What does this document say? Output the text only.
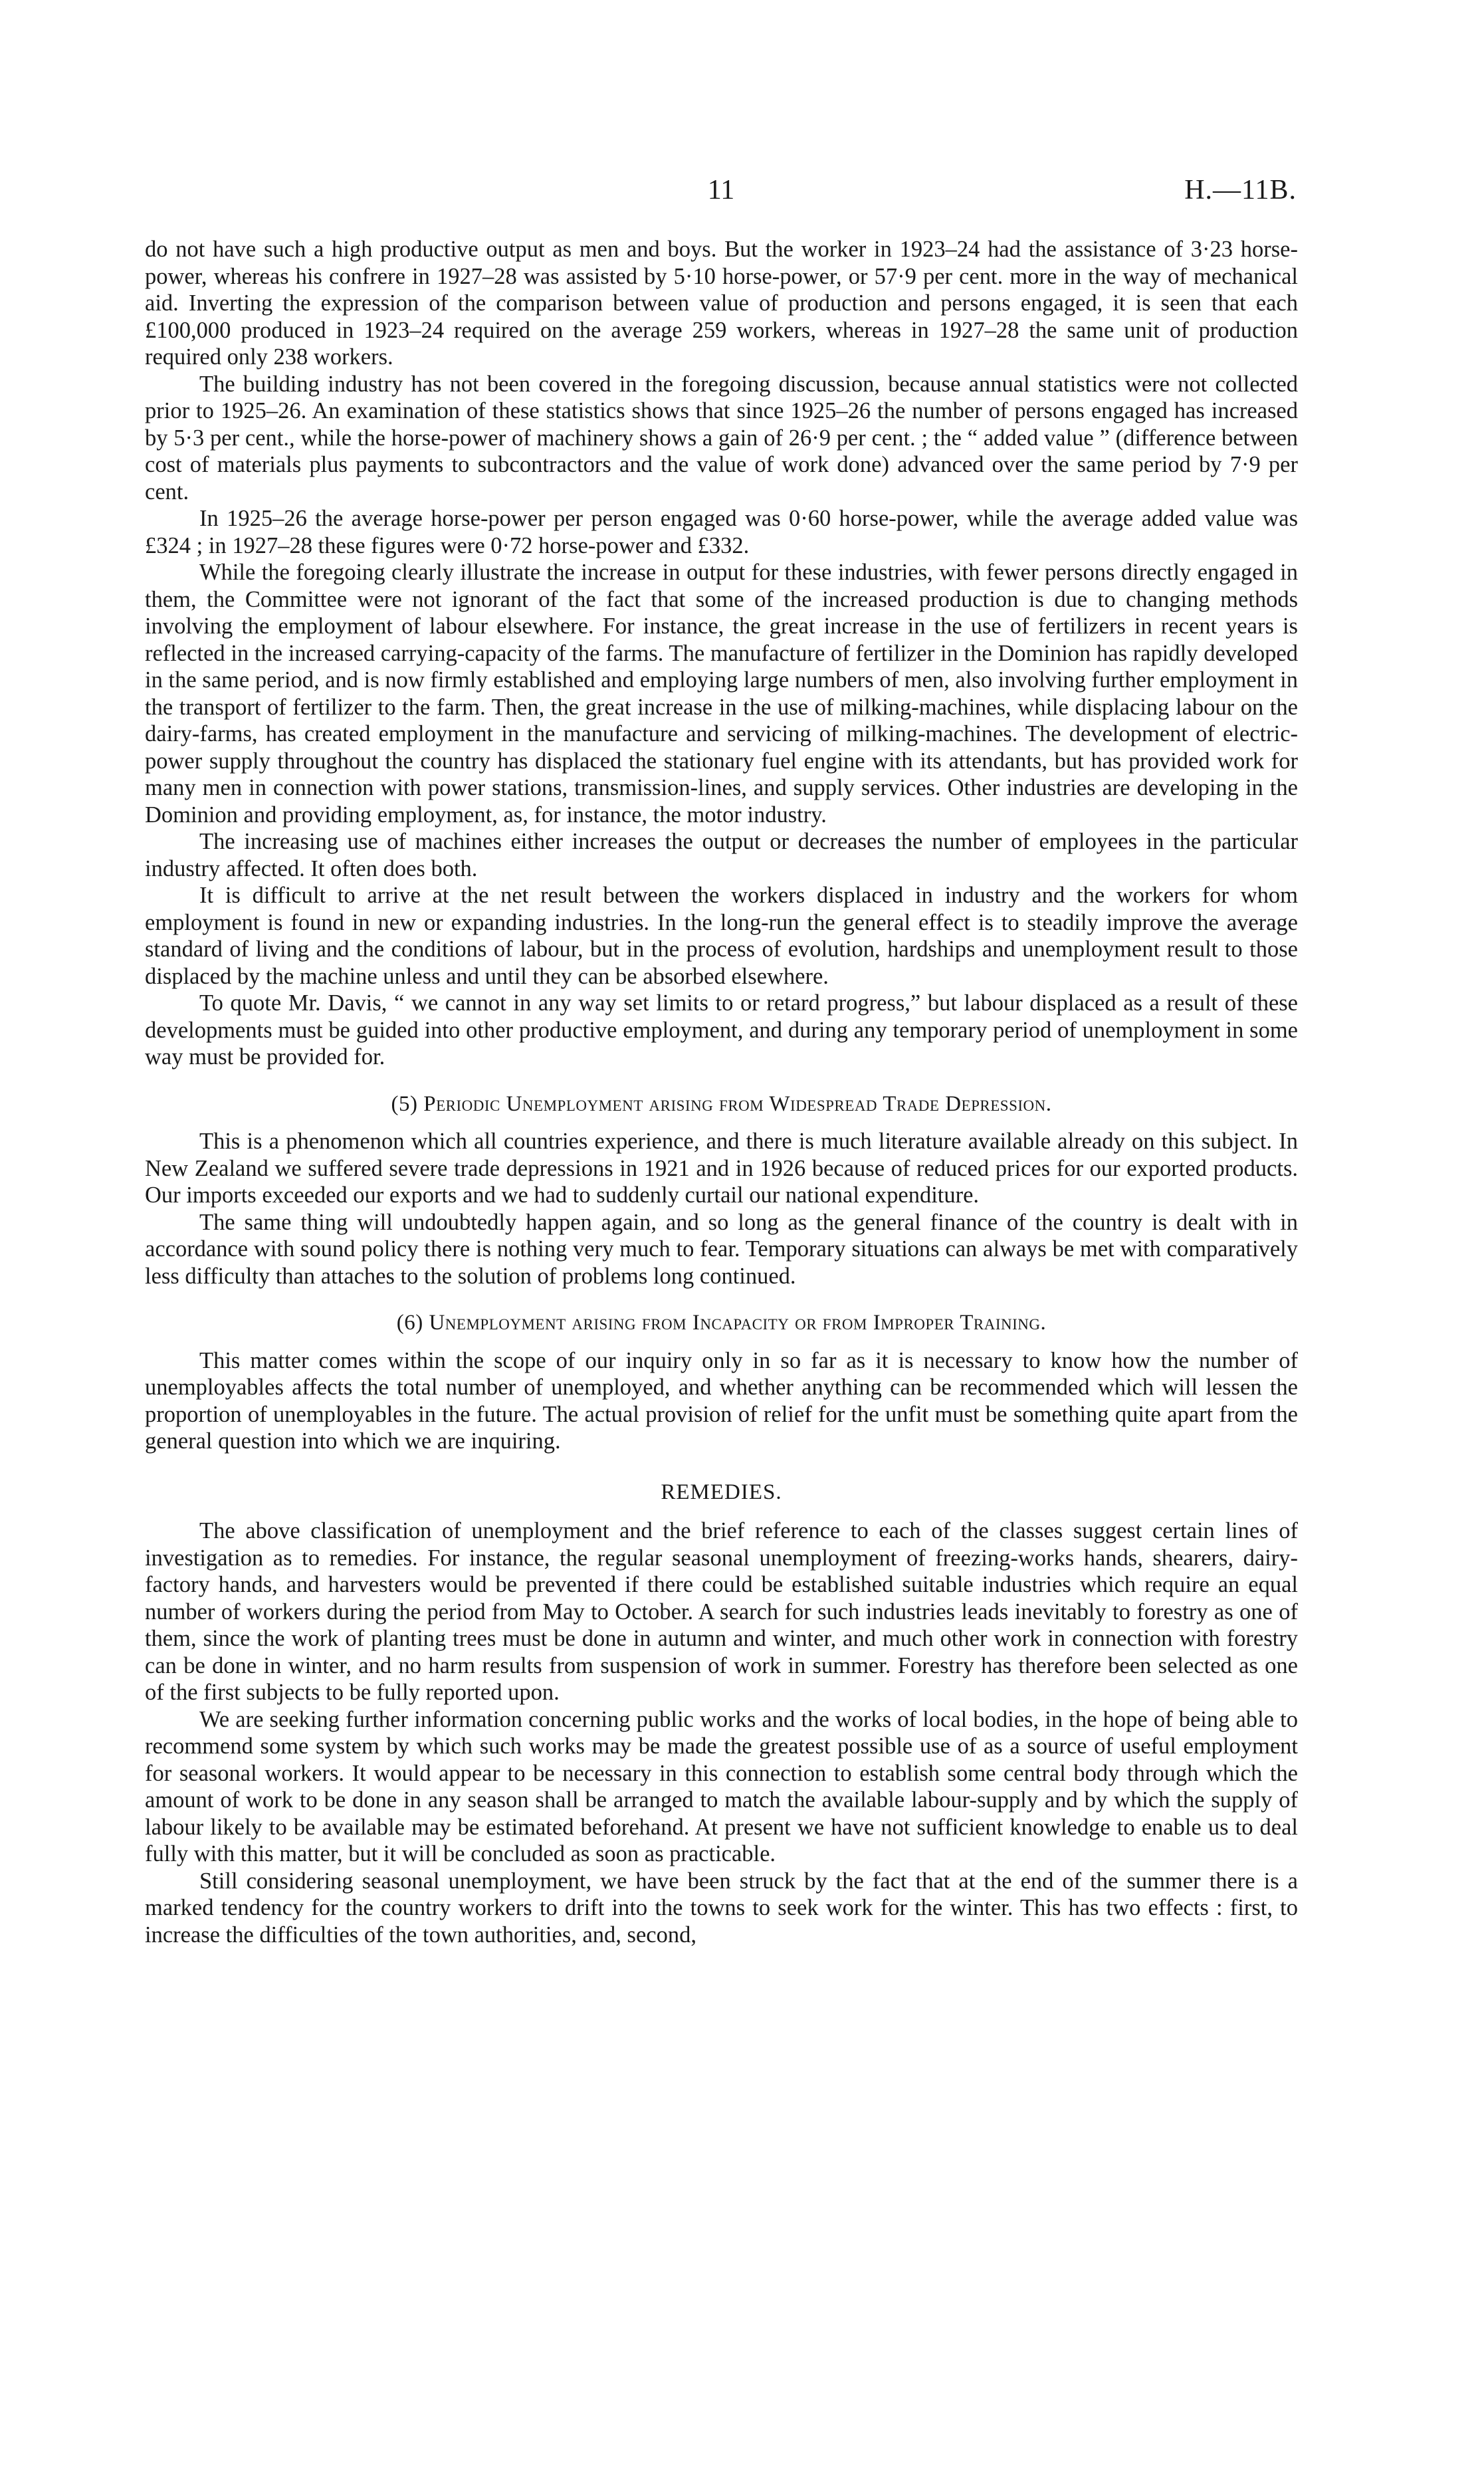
11	H.—11B.

do not have such a high productive output as men and boys. But the worker in 1923–24 had the assistance of 3·23 horse-power, whereas his confrere in 1927–28 was assisted by 5·10 horse-power, or 57·9 per cent. more in the way of mechanical aid. Inverting the expression of the comparison between value of production and persons engaged, it is seen that each £100,000 produced in 1923–24 required on the average 259 workers, whereas in 1927–28 the same unit of production required only 238 workers.

The building industry has not been covered in the foregoing discussion, because annual statistics were not collected prior to 1925–26. An examination of these statistics shows that since 1925–26 the number of persons engaged has increased by 5·3 per cent., while the horse-power of machinery shows a gain of 26·9 per cent. ; the “ added value ” (difference between cost of materials plus payments to subcontractors and the value of work done) advanced over the same period by 7·9 per cent.

In 1925–26 the average horse-power per person engaged was 0·60 horse-power, while the average added value was £324 ; in 1927–28 these figures were 0·72 horse-power and £332.

While the foregoing clearly illustrate the increase in output for these industries, with fewer persons directly engaged in them, the Committee were not ignorant of the fact that some of the increased production is due to changing methods involving the employment of labour elsewhere. For instance, the great increase in the use of fertilizers in recent years is reflected in the increased carrying-capacity of the farms. The manufacture of fertilizer in the Dominion has rapidly developed in the same period, and is now firmly established and employing large numbers of men, also involving further employment in the transport of fertilizer to the farm. Then, the great increase in the use of milking-machines, while displacing labour on the dairy-farms, has created employment in the manufacture and servicing of milking-machines. The development of electric-power supply throughout the country has displaced the stationary fuel engine with its attendants, but has provided work for many men in connection with power stations, transmission-lines, and supply services. Other industries are developing in the Dominion and providing employment, as, for instance, the motor industry.

The increasing use of machines either increases the output or decreases the number of employees in the particular industry affected. It often does both.

It is difficult to arrive at the net result between the workers displaced in industry and the workers for whom employment is found in new or expanding industries. In the long-run the general effect is to steadily improve the average standard of living and the conditions of labour, but in the process of evolution, hardships and unemployment result to those displaced by the machine unless and until they can be absorbed elsewhere.

To quote Mr. Davis, “ we cannot in any way set limits to or retard progress,” but labour displaced as a result of these developments must be guided into other productive employment, and during any temporary period of unemployment in some way must be provided for.

(5) Periodic Unemployment arising from Widespread Trade Depression.

This is a phenomenon which all countries experience, and there is much literature available already on this subject. In New Zealand we suffered severe trade depressions in 1921 and in 1926 because of reduced prices for our exported products. Our imports exceeded our exports and we had to suddenly curtail our national expenditure.

The same thing will undoubtedly happen again, and so long as the general finance of the country is dealt with in accordance with sound policy there is nothing very much to fear. Temporary situations can always be met with comparatively less difficulty than attaches to the solution of problems long continued.

(6) Unemployment arising from Incapacity or from Improper Training.

This matter comes within the scope of our inquiry only in so far as it is necessary to know how the number of unemployables affects the total number of unemployed, and whether anything can be recommended which will lessen the proportion of unemployables in the future. The actual provision of relief for the unfit must be something quite apart from the general question into which we are inquiring.

REMEDIES.

The above classification of unemployment and the brief reference to each of the classes suggest certain lines of investigation as to remedies. For instance, the regular seasonal unemployment of freezing-works hands, shearers, dairy-factory hands, and harvesters would be prevented if there could be established suitable industries which require an equal number of workers during the period from May to October. A search for such industries leads inevitably to forestry as one of them, since the work of planting trees must be done in autumn and winter, and much other work in connection with forestry can be done in winter, and no harm results from suspension of work in summer. Forestry has therefore been selected as one of the first subjects to be fully reported upon.

We are seeking further information concerning public works and the works of local bodies, in the hope of being able to recommend some system by which such works may be made the greatest possible use of as a source of useful employment for seasonal workers. It would appear to be necessary in this connection to establish some central body through which the amount of work to be done in any season shall be arranged to match the available labour-supply and by which the supply of labour likely to be available may be estimated beforehand. At present we have not sufficient knowledge to enable us to deal fully with this matter, but it will be concluded as soon as practicable.

Still considering seasonal unemployment, we have been struck by the fact that at the end of the summer there is a marked tendency for the country workers to drift into the towns to seek work for the winter. This has two effects : first, to increase the difficulties of the town authorities, and, second,
